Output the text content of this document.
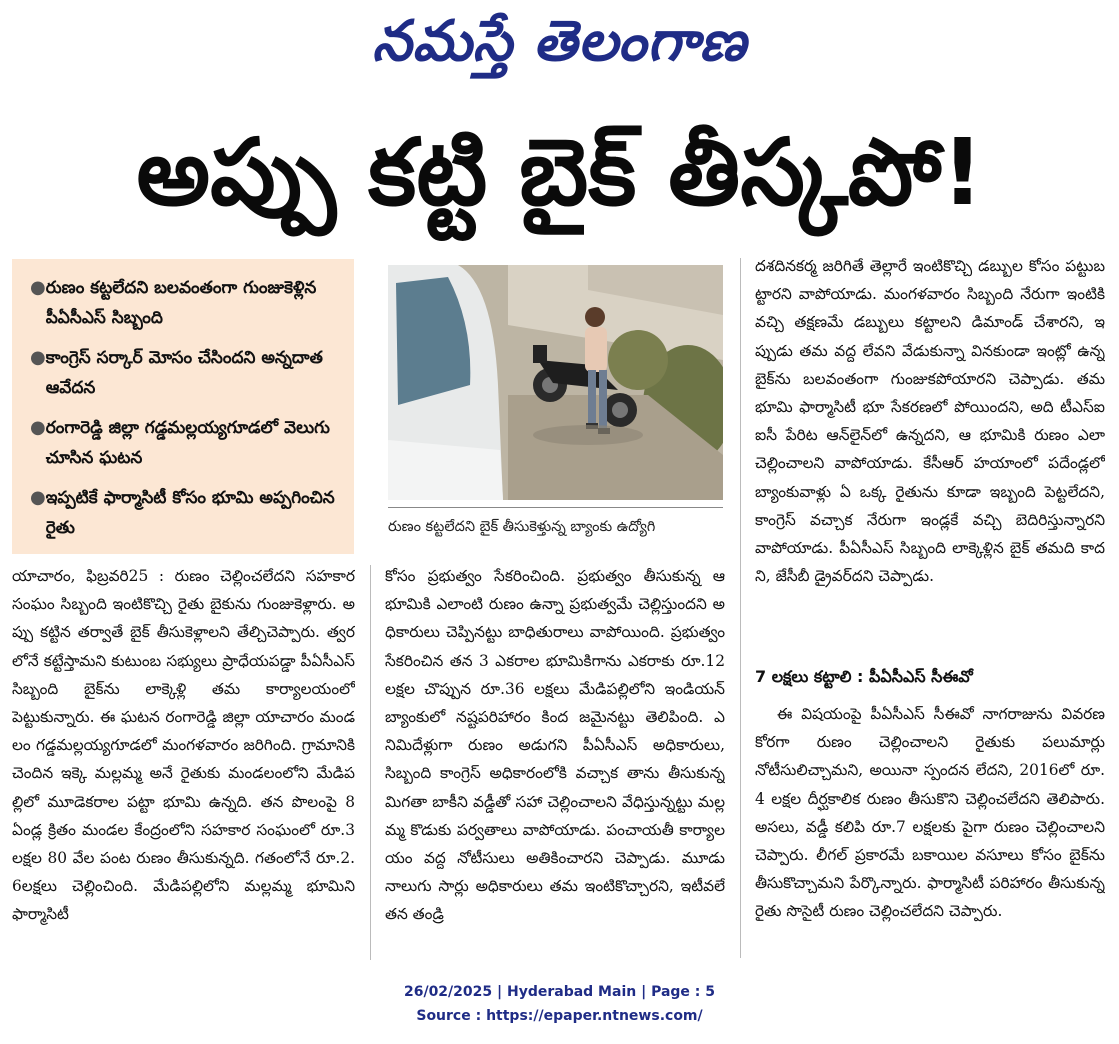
నమస్తే తెలంగాణ
అప్పు కట్టి బైక్ తీస్కపో!
● రుణం కట్టలేదని బలవంతంగా గుంజుకెళ్లిన పీఏసీఎస్ సిబ్బంది
● కాంగ్రెస్ సర్కార్ మోసం చేసిందని అన్నదాత ఆవేదన
● రంగారెడ్డి జిల్లా గడ్డమల్లయ్యగూడలో వెలుగు చూసిన ఘటన
● ఇప్పటికే ఫార్మాసిటీ కోసం భూమి అప్పగించిన రైతు	రుణం కట్టలేదని బైక్ తీసుకెళ్తున్న బ్యాంకు ఉద్యోగి
యాచారం, ఫిబ్రవరి25 : రుణం చెల్లించలేదని సహకార సంఘం సిబ్బంది ఇంటికొచ్చి రైతు బైకును గుంజుకెళ్లారు. అప్పు కట్టిన తర్వాతే బైక్ తీసుకెళ్లాలని తేల్చిచెప్పారు. త్వరలోనే కట్టేస్తామని కుటుంబ సభ్యులు ప్రాధేయపడ్డా పీఏసీఎస్ సిబ్బంది బైక్‌ను లాక్కెళ్లి తమ కార్యాలయంలో పెట్టుకున్నారు. ఈ ఘటన రంగారెడ్డి జిల్లా యాచారం మండలం గడ్డమల్లయ్యగూడలో మంగళవారం జరిగింది. గ్రామానికి చెందిన ఇక్కె మల్లమ్మ అనే రైతుకు మండలంలోని మేడిపల్లిలో మూడెకరాల పట్టా భూమి ఉన్నది. తన పొలంపై 8 ఏండ్ల క్రితం మండల కేంద్రంలోని సహకార సంఘంలో రూ.3 లక్షల 80 వేల పంట రుణం తీసుకున్నది. గతంలోనే రూ.2.6లక్షలు చెల్లించింది. మేడిపల్లిలోని మల్లమ్మ భూమిని ఫార్మాసిటీ
కోసం ప్రభుత్వం సేకరించింది. ప్రభుత్వం తీసుకున్న ఆ భూమికి ఎలాంటి రుణం ఉన్నా ప్రభుత్వమే చెల్లిస్తుందని అధికారులు చెప్పినట్టు బాధితురాలు వాపోయింది. ప్రభుత్వం సేకరించిన తన 3 ఎకరాల భూమికిగాను ఎకరాకు రూ.12 లక్షల చొప్పున రూ.36 లక్షలు మేడిపల్లిలోని ఇండియన్ బ్యాంకులో నష్టపరిహారం కింద జమైనట్టు తెలిపింది. ఎనిమిదేళ్లుగా రుణం అడుగని పీఏసీఎస్ అధికారులు, సిబ్బంది కాంగ్రెస్ అధికారంలోకి వచ్చాక తాను తీసుకున్న మిగతా బాకీని వడ్డీతో సహా చెల్లించాలని వేధిస్తున్నట్టు మల్లమ్మ కొడుకు పర్వతాలు వాపోయాడు. పంచాయతీ కార్యాలయం వద్ద నోటీసులు అతికించారని చెప్పాడు. మూడు నాలుగు సార్లు అధికారులు తమ ఇంటికొచ్చారని, ఇటీవలే తన తండ్రి
దశదినకర్మ జరిగితే తెల్లారే ఇంటికొచ్చి డబ్బుల కోసం పట్టుబట్టారని వాపోయాడు. మంగళవారం సిబ్బంది నేరుగా ఇంటికి వచ్చి తక్షణమే డబ్బులు కట్టాలని డిమాండ్ చేశారని, ఇప్పుడు తమ వద్ద లేవని వేడుకున్నా వినకుండా ఇంట్లో ఉన్న బైక్‌ను బలవంతంగా గుంజుకపోయారని చెప్పాడు. తమ భూమి ఫార్మాసిటీ భూ సేకరణలో పోయిందని, అది టీఎస్‌ఐఐసీ పేరిట ఆన్‌లైన్‌లో ఉన్నదని, ఆ భూమికి రుణం ఎలా చెల్లించాలని వాపోయాడు. కేసీఆర్ హయాంలో పదేండ్లలో బ్యాంకువాళ్లు ఏ ఒక్క రైతును కూడా ఇబ్బంది పెట్టలేదని, కాంగ్రెస్ వచ్చాక నేరుగా ఇండ్లకే వచ్చి బెదిరిస్తున్నారని వాపోయాడు. పీఏసీఎస్ సిబ్బంది లాక్కెళ్లిన బైక్ తమది కాదని, జేసీబీ డ్రైవర్‌దని చెప్పాడు.
7 లక్షలు కట్టాలి : పీఏసీఎస్ సీఈవో
ఈ విషయంపై పీఏసీఎస్ సీఈవో నాగరాజును వివరణ కోరగా రుణం చెల్లించాలని రైతుకు పలుమార్లు నోటీసులిచ్చామని, అయినా స్పందన లేదని, 2016లో రూ.4 లక్షల దీర్ఘకాలిక రుణం తీసుకొని చెల్లించలేదని తెలిపారు. అసలు, వడ్డీ కలిపి రూ.7 లక్షలకు పైగా రుణం చెల్లించాలని చెప్పారు. లీగల్ ప్రకారమే బకాయిల వసూలు కోసం బైక్‌ను తీసుకొచ్చామని పేర్కొన్నారు. ఫార్మాసిటీ పరిహారం తీసుకున్న రైతు సొసైటీ రుణం చెల్లించలేదని చెప్పారు.
26/02/2025 | Hyderabad Main | Page : 5
Source : https://epaper.ntnews.com/
